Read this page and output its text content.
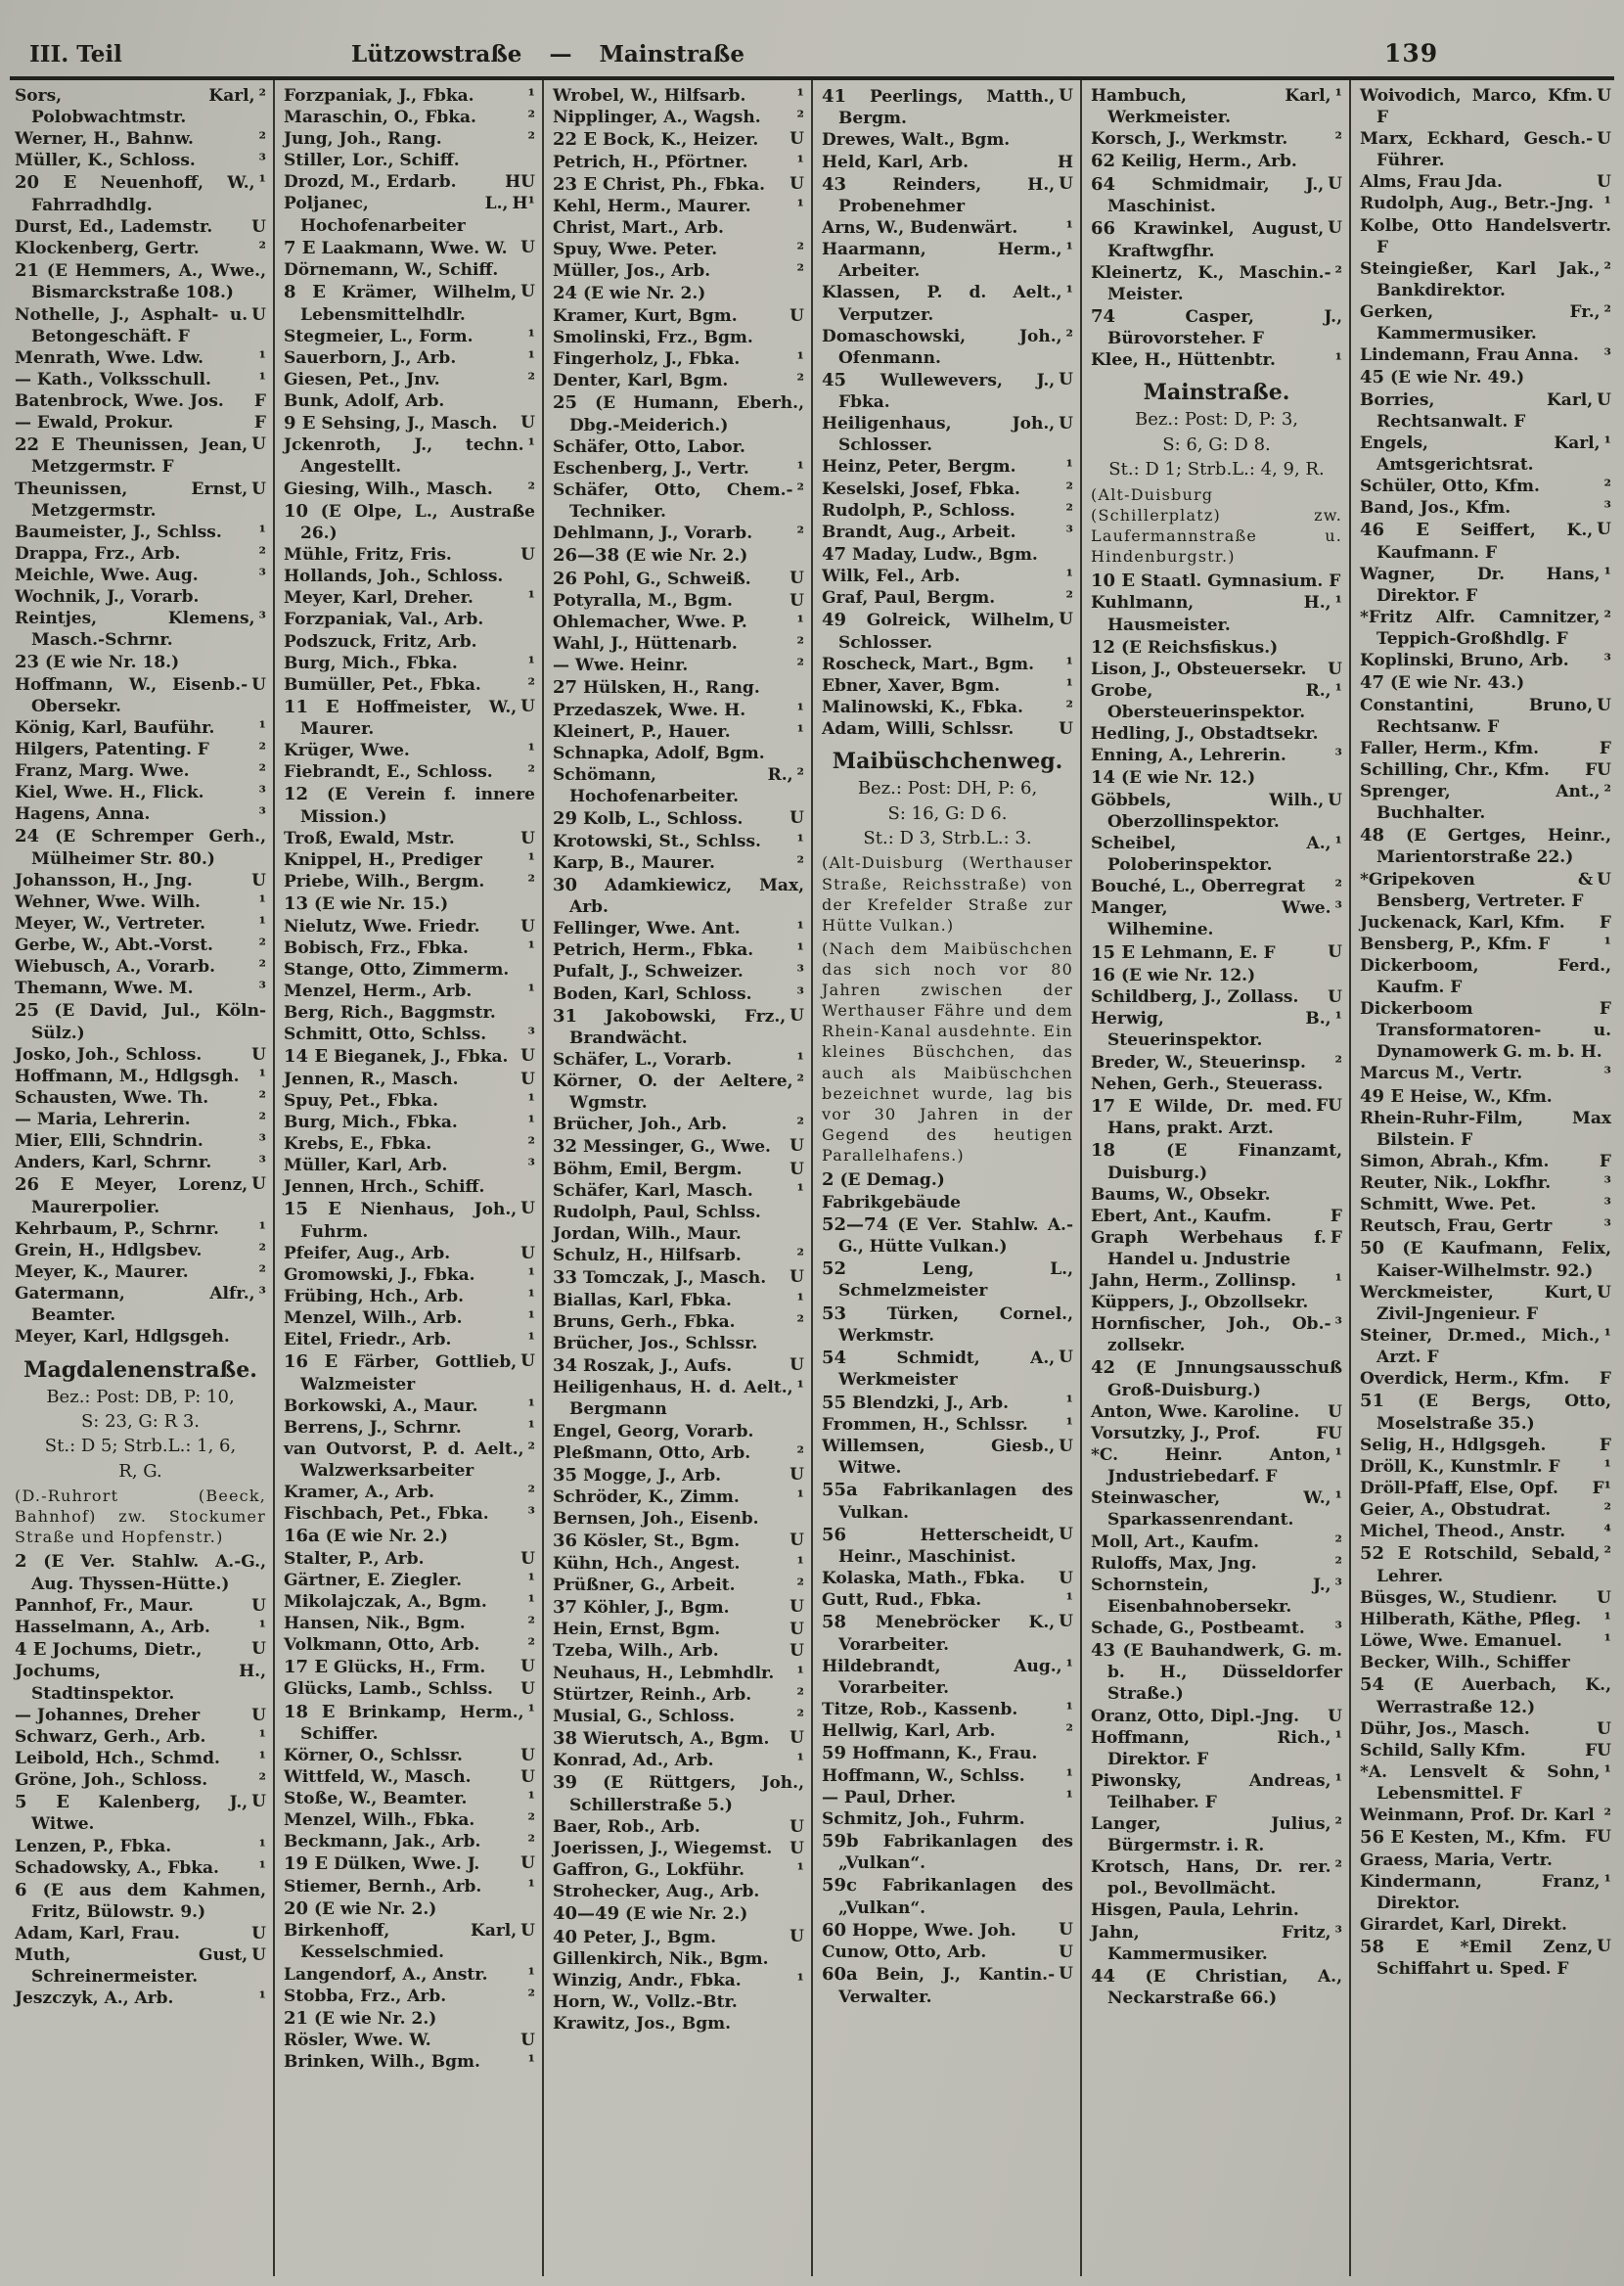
III. Teil	Lützowstraße — Mainstraße	139

²
Sors, Karl, Polobwachtmstr.

²
Werner, H., Bahnw.

³
Müller, K., Schloss.

¹
20 E Neuenhoff, W., Fahrradhdlg.

U
Durst, Ed., Lademstr.

²
Klockenberg, Gertr.

21 (E Hemmers, A., Wwe., Bismarckstraße 108.)

U
Nothelle, J., Asphalt- u. Betongeschäft. F

¹
Menrath, Wwe. Ldw.

¹
— Kath., Volksschull.

F
Batenbrock, Wwe. Jos.

F
— Ewald, Prokur.

U
22 E Theunissen, Jean, Metzgermstr. F

U
Theunissen, Ernst, Metzgermstr.

¹
Baumeister, J., Schlss.

²
Drappa, Frz., Arb.

³
Meichle, Wwe. Aug.

Wochnik, J., Vorarb.

³
Reintjes, Klemens, Masch.-Schrnr.

23 (E wie Nr. 18.)

U
Hoffmann, W., Eisenb.-Obersekr.

¹
König, Karl, Bauführ.

²
Hilgers, Patenting. F

²
Franz, Marg. Wwe.

³
Kiel, Wwe. H., Flick.

³
Hagens, Anna.

24 (E Schremper Gerh., Mülheimer Str. 80.)

U
Johansson, H., Jng.

¹
Wehner, Wwe. Wilh.

¹
Meyer, W., Vertreter.

²
Gerbe, W., Abt.-Vorst.

²
Wiebusch, A., Vorarb.

³
Themann, Wwe. M.

25 (E David, Jul., Köln-Sülz.)

U
Josko, Joh., Schloss.

¹
Hoffmann, M., Hdlgsgh.

²
Schausten, Wwe. Th.

²
— Maria, Lehrerin.

³
Mier, Elli, Schndrin.

³
Anders, Karl, Schrnr.

U
26 E Meyer, Lorenz, Maurerpolier.

¹
Kehrbaum, P., Schrnr.

²
Grein, H., Hdlgsbev.

²
Meyer, K., Maurer.

³
Gatermann, Alfr., Beamter.

Meyer, Karl, Hdlgsgeh.

Magdalenenstraße.
Bez.: Post: DB, P: 10,
S: 23, G: R 3.
St.: D 5; Strb.L.: 1, 6,
R, G.
(D.-Ruhrort (Beeck, Bahnhof) zw. Stockumer Straße und Hopfenstr.)

2 (E Ver. Stahlw. A.-G., Aug. Thyssen-Hütte.)

U
Pannhof, Fr., Maur.

¹
Hasselmann, A., Arb.

U
4 E Jochums, Dietr.,

Jochums, H., Stadtinspektor.

U
— Johannes, Dreher

¹
Schwarz, Gerh., Arb.

¹
Leibold, Hch., Schmd.

²
Gröne, Joh., Schloss.

U
5 E Kalenberg, J., Witwe.

¹
Lenzen, P., Fbka.

¹
Schadowsky, A., Fbka.

6 (E aus dem Kahmen, Fritz, Bülowstr. 9.)

U
Adam, Karl, Frau.

U
Muth, Gust, Schreinermeister.

¹
Jeszczyk, A., Arb.

¹
Forzpaniak, J., Fbka.

²
Maraschin, O., Fbka.

²
Jung, Joh., Rang.

Stiller, Lor., Schiff.

HU
Drozd, M., Erdarb.

H¹
Poljanec, L., Hochofenarbeiter

U
7 E Laakmann, Wwe. W.

Dörnemann, W., Schiff.

U
8 E Krämer, Wilhelm, Lebensmittelhdlr.

¹
Stegmeier, L., Form.

¹
Sauerborn, J., Arb.

²
Giesen, Pet., Jnv.

Bunk, Adolf, Arb.

U
9 E Sehsing, J., Masch.

¹
Jckenroth, J., techn. Angestellt.

²
Giesing, Wilh., Masch.

10 (E Olpe, L., Austraße 26.)

U
Mühle, Fritz, Fris.

Hollands, Joh., Schloss.

¹
Meyer, Karl, Dreher.

Forzpaniak, Val., Arb.

Podszuck, Fritz, Arb.

¹
Burg, Mich., Fbka.

²
Bumüller, Pet., Fbka.

U
11 E Hoffmeister, W., Maurer.

¹
Krüger, Wwe.

²
Fiebrandt, E., Schloss.

12 (E Verein f. innere Mission.)

U
Troß, Ewald, Mstr.

¹
Knippel, H., Prediger

²
Priebe, Wilh., Bergm.

13 (E wie Nr. 15.)

U
Nielutz, Wwe. Friedr.

¹
Bobisch, Frz., Fbka.

Stange, Otto, Zimmerm.

¹
Menzel, Herm., Arb.

Berg, Rich., Baggmstr.

³
Schmitt, Otto, Schlss.

U
14 E Bieganek, J., Fbka.

U
Jennen, R., Masch.

¹
Spuy, Pet., Fbka.

¹
Burg, Mich., Fbka.

²
Krebs, E., Fbka.

³
Müller, Karl, Arb.

Jennen, Hrch., Schiff.

U
15 E Nienhaus, Joh., Fuhrm.

U
Pfeifer, Aug., Arb.

¹
Gromowski, J., Fbka.

¹
Frübing, Hch., Arb.

¹
Menzel, Wilh., Arb.

¹
Eitel, Friedr., Arb.

U
16 E Färber, Gottlieb, Walzmeister

¹
Borkowski, A., Maur.

¹
Berrens, J., Schrnr.

²
van Outvorst, P. d. Aelt., Walzwerksarbeiter

²
Kramer, A., Arb.

³
Fischbach, Pet., Fbka.

16a (E wie Nr. 2.)

U
Stalter, P., Arb.

¹
Gärtner, E. Ziegler.

¹
Mikolajczak, A., Bgm.

²
Hansen, Nik., Bgm.

²
Volkmann, Otto, Arb.

U
17 E Glücks, H., Frm.

U
Glücks, Lamb., Schlss.

¹
18 E Brinkamp, Herm., Schiffer.

U
Körner, O., Schlssr.

U
Wittfeld, W., Masch.

¹
Stoße, W., Beamter.

²
Menzel, Wilh., Fbka.

²
Beckmann, Jak., Arb.

U
19 E Dülken, Wwe. J.

¹
Stiemer, Bernh., Arb.

20 (E wie Nr. 2.)

U
Birkenhoff, Karl, Kesselschmied.

¹
Langendorf, A., Anstr.

²
Stobba, Frz., Arb.

21 (E wie Nr. 2.)

U
Rösler, Wwe. W.

¹
Brinken, Wilh., Bgm.

¹
Wrobel, W., Hilfsarb.

²
Nipplinger, A., Wagsh.

U
22 E Bock, K., Heizer.

¹
Petrich, H., Pförtner.

U
23 E Christ, Ph., Fbka.

¹
Kehl, Herm., Maurer.

Christ, Mart., Arb.

²
Spuy, Wwe. Peter.

²
Müller, Jos., Arb.

24 (E wie Nr. 2.)

U
Kramer, Kurt, Bgm.

Smolinski, Frz., Bgm.

¹
Fingerholz, J., Fbka.

²
Denter, Karl, Bgm.

25 (E Humann, Eberh., Dbg.-Meiderich.)

Schäfer, Otto, Labor.

¹
Eschenberg, J., Vertr.

²
Schäfer, Otto, Chem.-Techniker.

²
Dehlmann, J., Vorarb.

26—38 (E wie Nr. 2.)

U
26 Pohl, G., Schweiß.

U
Potyralla, M., Bgm.

¹
Ohlemacher, Wwe. P.

²
Wahl, J., Hüttenarb.

²
— Wwe. Heinr.

27 Hülsken, H., Rang.

¹
Przedaszek, Wwe. H.

¹
Kleinert, P., Hauer.

Schnapka, Adolf, Bgm.

²
Schömann, R., Hochofenarbeiter.

U
29 Kolb, L., Schloss.

¹
Krotowski, St., Schlss.

²
Karp, B., Maurer.

30 Adamkiewicz, Max, Arb.

¹
Fellinger, Wwe. Ant.

¹
Petrich, Herm., Fbka.

³
Pufalt, J., Schweizer.

³
Boden, Karl, Schloss.

U
31 Jakobowski, Frz., Brandwächt.

¹
Schäfer, L., Vorarb.

²
Körner, O. der Aeltere, Wgmstr.

²
Brücher, Joh., Arb.

U
32 Messinger, G., Wwe.

U
Böhm, Emil, Bergm.

¹
Schäfer, Karl, Masch.

Rudolph, Paul, Schlss.

Jordan, Wilh., Maur.

²
Schulz, H., Hilfsarb.

U
33 Tomczak, J., Masch.

¹
Biallas, Karl, Fbka.

²
Bruns, Gerh., Fbka.

Brücher, Jos., Schlssr.

U
34 Roszak, J., Aufs.

¹
Heiligenhaus, H. d. Aelt., Bergmann

Engel, Georg, Vorarb.

²
Pleßmann, Otto, Arb.

U
35 Mogge, J., Arb.

¹
Schröder, K., Zimm.

Bernsen, Joh., Eisenb.

U
36 Kösler, St., Bgm.

¹
Kühn, Hch., Angest.

²
Prüßner, G., Arbeit.

U
37 Köhler, J., Bgm.

U
Hein, Ernst, Bgm.

U
Tzeba, Wilh., Arb.

¹
Neuhaus, H., Lebmhdlr.

²
Stürtzer, Reinh., Arb.

²
Musial, G., Schloss.

U
38 Wierutsch, A., Bgm.

¹
Konrad, Ad., Arb.

39 (E Rüttgers, Joh., Schillerstraße 5.)

U
Baer, Rob., Arb.

U
Joerissen, J., Wiegemst.

¹
Gaffron, G., Lokführ.

Strohecker, Aug., Arb.

40—49 (E wie Nr. 2.)

U
40 Peter, J., Bgm.

Gillenkirch, Nik., Bgm.

¹
Winzig, Andr., Fbka.

Horn, W., Vollz.-Btr.

Krawitz, Jos., Bgm.

U
41 Peerlings, Matth., Bergm.

Drewes, Walt., Bgm.

H
Held, Karl, Arb.

U
43 Reinders, H., Probenehmer

¹
Arns, W., Budenwärt.

¹
Haarmann, Herm., Arbeiter.

¹
Klassen, P. d. Aelt., Verputzer.

²
Domaschowski, Joh., Ofenmann.

U
45 Wullewevers, J., Fbka.

U
Heiligenhaus, Joh., Schlosser.

¹
Heinz, Peter, Bergm.

²
Keselski, Josef, Fbka.

²
Rudolph, P., Schloss.

³
Brandt, Aug., Arbeit.

47 Maday, Ludw., Bgm.

¹
Wilk, Fel., Arb.

²
Graf, Paul, Bergm.

U
49 Golreick, Wilhelm, Schlosser.

¹
Roscheck, Mart., Bgm.

¹
Ebner, Xaver, Bgm.

²
Malinowski, K., Fbka.

U
Adam, Willi, Schlssr.

Maibüschchenweg.
Bez.: Post: DH, P: 6,
S: 16, G: D 6.
St.: D 3, Strb.L.: 3.
(Alt-Duisburg (Werthauser Straße, Reichsstraße) von der Krefelder Straße zur Hütte Vulkan.)
(Nach dem Maibüschchen das sich noch vor 80 Jahren zwischen der Werthauser Fähre und dem Rhein-Kanal ausdehnte. Ein kleines Büschchen, das auch als Maibüschchen bezeichnet wurde, lag bis vor 30 Jahren in der Gegend des heutigen Parallelhafens.)

2 (E Demag.)

Fabrikgebäude

52—74 (E Ver. Stahlw. A.-G., Hütte Vulkan.)

52 Leng, L., Schmelzmeister

53 Türken, Cornel., Werkmstr.

U
54 Schmidt, A., Werkmeister

¹
55 Blendzki, J., Arb.

¹
Frommen, H., Schlssr.

U
Willemsen, Giesb., Witwe.

55a Fabrikanlagen des Vulkan.

U
56 Hetterscheidt, Heinr., Maschinist.

U
Kolaska, Math., Fbka.

¹
Gutt, Rud., Fbka.

U
58 Menebröcker K., Vorarbeiter.

¹
Hildebrandt, Aug., Vorarbeiter.

¹
Titze, Rob., Kassenb.

²
Hellwig, Karl, Arb.

59 Hoffmann, K., Frau.

¹
Hoffmann, W., Schlss.

¹
— Paul, Drher.

Schmitz, Joh., Fuhrm.

59b Fabrikanlagen des „Vulkan“.

59c Fabrikanlagen des „Vulkan“.

U
60 Hoppe, Wwe. Joh.

U
Cunow, Otto, Arb.

U
60a Bein, J., Kantin.-Verwalter.

¹
Hambuch, Karl, Werkmeister.

²
Korsch, J., Werkmstr.

62 Keilig, Herm., Arb.

U
64 Schmidmair, J., Maschinist.

U
66 Krawinkel, August, Kraftwgfhr.

²
Kleinertz, K., Maschin.-Meister.

74 Casper, J., Bürovorsteher. F

¹
Klee, H., Hüttenbtr.

Mainstraße.
Bez.: Post: D, P: 3,
S: 6, G: D 8.
St.: D 1; Strb.L.: 4, 9, R.
(Alt-Duisburg (Schillerplatz) zw. Laufermannstraße u. Hindenburgstr.)

10 E Staatl. Gymnasium. F

¹
Kuhlmann, H., Hausmeister.

12 (E Reichsfiskus.)

U
Lison, J., Obsteuersekr.

¹
Grobe, R., Obersteuerinspektor.

Hedling, J., Obstadtsekr.

³
Enning, A., Lehrerin.

14 (E wie Nr. 12.)

U
Göbbels, Wilh., Oberzollinspektor.

¹
Scheibel, A., Poloberinspektor.

²
Bouché, L., Oberregrat

³
Manger, Wwe. Wilhemine.

U
15 E Lehmann, E. F

16 (E wie Nr. 12.)

U
Schildberg, J., Zollass.

¹
Herwig, B., Steuerinspektor.

²
Breder, W., Steuerinsp.

Nehen, Gerh., Steuerass.

FU
17 E Wilde, Dr. med. Hans, prakt. Arzt.

18 (E Finanzamt, Duisburg.)

Baums, W., Obsekr.

F
Ebert, Ant., Kaufm.

F
Graph Werbehaus f. Handel u. Jndustrie

¹
Jahn, Herm., Zollinsp.

Küppers, J., Obzollsekr.

³
Hornfischer, Joh., Ob.-zollsekr.

42 (E Jnnungsausschuß Groß-Duisburg.)

U
Anton, Wwe. Karoline.

FU
Vorsutzky, J., Prof.

¹
*C. Heinr. Anton, Jndustriebedarf. F

¹
Steinwascher, W., Sparkassenrendant.

²
Moll, Art., Kaufm.

²
Ruloffs, Max, Jng.

³
Schornstein, J., Eisenbahnobersekr.

³
Schade, G., Postbeamt.

43 (E Bauhandwerk, G. m. b. H., Düsseldorfer Straße.)

U
Oranz, Otto, Dipl.-Jng.

¹
Hoffmann, Rich., Direktor. F

¹
Piwonsky, Andreas, Teilhaber. F

²
Langer, Julius, Bürgermstr. i. R.

²
Krotsch, Hans, Dr. rer. pol., Bevollmächt.

Hisgen, Paula, Lehrin.

³
Jahn, Fritz, Kammermusiker.

44 (E Christian, A., Neckarstraße 66.)

U
Woivodich, Marco, Kfm. F

U
Marx, Eckhard, Gesch.-Führer.

U
Alms, Frau Jda.

¹
Rudolph, Aug., Betr.-Jng.

Kolbe, Otto Handelsvertr. F

²
Steingießer, Karl Jak., Bankdirektor.

²
Gerken, Fr., Kammermusiker.

³
Lindemann, Frau Anna.

45 (E wie Nr. 49.)

U
Borries, Karl, Rechtsanwalt. F

¹
Engels, Karl, Amtsgerichtsrat.

²
Schüler, Otto, Kfm.

³
Band, Jos., Kfm.

U
46 E Seiffert, K., Kaufmann. F

¹
Wagner, Dr. Hans, Direktor. F

²
*Fritz Alfr. Camnitzer, Teppich-Großhdlg. F

³
Koplinski, Bruno, Arb.

47 (E wie Nr. 43.)

U
Constantini, Bruno, Rechtsanw. F

F
Faller, Herm., Kfm.

FU
Schilling, Chr., Kfm.

²
Sprenger, Ant., Buchhalter.

48 (E Gertges, Heinr., Marientorstraße 22.)

U
*Gripekoven & Bensberg, Vertreter. F

F
Juckenack, Karl, Kfm.

¹
Bensberg, P., Kfm. F

Dickerboom, Ferd., Kaufm. F

F
Dickerboom Transformatoren- u. Dynamowerk G. m. b. H.

³
Marcus M., Vertr.

49 E Heise, W., Kfm.

Rhein-Ruhr-Film, Max Bilstein. F

F
Simon, Abrah., Kfm.

³
Reuter, Nik., Lokfhr.

³
Schmitt, Wwe. Pet.

³
Reutsch, Frau, Gertr

50 (E Kaufmann, Felix, Kaiser-Wilhelmstr. 92.)

U
Werckmeister, Kurt, Zivil-Jngenieur. F

¹
Steiner, Dr.med., Mich., Arzt. F

F
Overdick, Herm., Kfm.

51 (E Bergs, Otto, Moselstraße 35.)

F
Selig, H., Hdlgsgeh.

¹
Dröll, K., Kunstmlr. F

F¹
Dröll-Pfaff, Else, Opf.

²
Geier, A., Obstudrat.

⁴
Michel, Theod., Anstr.

²
52 E Rotschild, Sebald, Lehrer.

U
Büsges, W., Studienr.

¹
Hilberath, Käthe, Pfleg.

¹
Löwe, Wwe. Emanuel.

Becker, Wilh., Schiffer

54 (E Auerbach, K., Werrastraße 12.)

U
Dühr, Jos., Masch.

FU
Schild, Sally Kfm.

¹
*A. Lensvelt & Sohn, Lebensmittel. F

²
Weinmann, Prof. Dr. Karl

FU
56 E Kesten, M., Kfm.

Graess, Maria, Vertr.

¹
Kindermann, Franz, Direktor.

Girardet, Karl, Direkt.

U
58 E *Emil Zenz, Schiffahrt u. Sped. F
